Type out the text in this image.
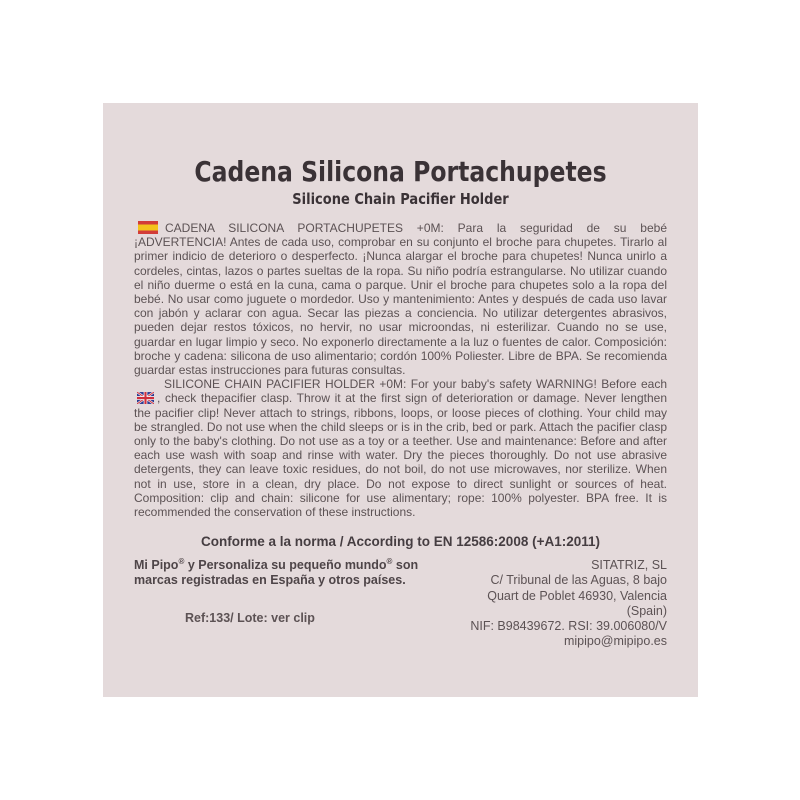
Cadena Silicona Portachupetes
Silicone Chain Pacifier Holder

CADENA SILICONA PORTACHUPETES +0M: Para la seguridad de su bebé ¡ADVERTENCIA! Antes de cada uso, comprobar en su conjunto el broche para chupetes. Tirarlo al primer indicio de deterioro o desperfecto. ¡Nunca alargar el broche para chupetes! Nunca unirlo a cordeles, cintas, lazos o partes sueltas de la ropa. Su niño podría estrangularse. No utilizar cuando el niño duerme o está en la cuna, cama o parque. Unir el broche para chupetes solo a la ropa del bebé. No usar como juguete o mordedor. Uso y mantenimiento: Antes y después de cada uso lavar con jabón y aclarar con agua. Secar las piezas a conciencia. No utilizar detergentes abrasivos, pueden dejar restos tóxicos, no hervir, no usar microondas, ni esterilizar. Cuando no se use, guardar en lugar limpio y seco. No exponerlo directamente a la luz o fuentes de calor. Composición: broche y cadena: silicona de uso alimentario; cordón 100% Poliester. Libre de BPA. Se recomienda guardar estas instrucciones para futuras consultas.

SILICONE CHAIN PACIFIER HOLDER +0M: For your baby's safety WARNING! Before each
, check thepacifier clasp. Throw it at the first sign of deterioration or damage. Never lengthen the pacifier clip! Never attach to strings, ribbons, loops, or loose pieces of clothing. Your child may be strangled. Do not use when the child sleeps or is in the crib, bed or park. Attach the pacifier clasp only to the baby's clothing. Do not use as a toy or a teether. Use and maintenance: Before and after each use wash with soap and rinse with water. Dry the pieces thoroughly. Do not use abrasive detergents, they can leave toxic residues, do not boil, do not use microwaves, nor sterilize. When not in use, store in a clean, dry place. Do not expose to direct sunlight or sources of heat. Composition: clip and chain: silicone for use alimentary; rope: 100% polyester. BPA free. It is recommended the conservation of these instructions.

Conforme a la norma / According to EN 12586:2008 (+A1:2011)
Mi Pipo® y Personaliza su pequeño mundo® son
marcas registradas en España y otros países.
Ref:133/ Lote: ver clip
SITATRIZ, SL
C/ Tribunal de las Aguas, 8 bajo
Quart de Poblet 46930, Valencia (Spain)
NIF: B98439672. RSI: 39.006080/V
mipipo@mipipo.es
